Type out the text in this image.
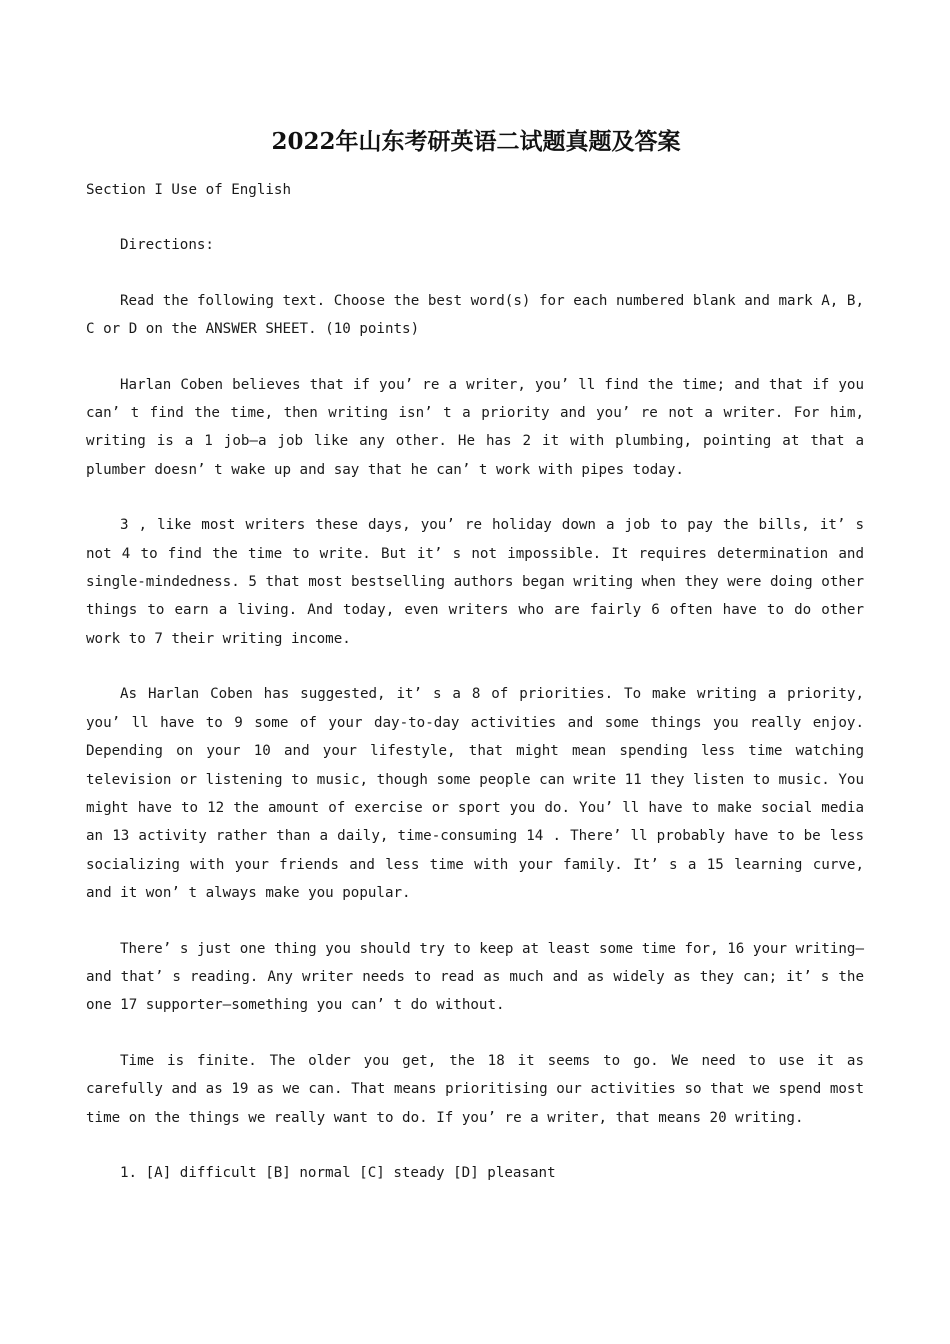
2022年山东考研英语二试题真题及答案

Section I Use of English

Directions:

Read the following text. Choose the best word(s) for each numbered blank and mark A, B, C or D on the ANSWER SHEET. (10 points)

Harlan Coben believes that if you’ re a writer, you’ ll find the time; and that if you can’ t find the time, then writing isn’ t a priority and you’ re not a writer. For him, writing is a 1 job–a job like any other. He has 2 it with plumbing, pointing at that a plumber doesn’ t wake up and say that he can’ t work with pipes today.

3 , like most writers these days, you’ re holiday down a job to pay the bills, it’ s not 4 to find the time to write. But it’ s not impossible. It requires determination and single-mindedness. 5 that most bestselling authors began writing when they were doing other things to earn a living. And today, even writers who are fairly 6 often have to do other work to 7 their writing income.

As Harlan Coben has suggested, it’ s a 8 of priorities. To make writing a priority, you’ ll have to 9 some of your day-to-day activities and some things you really enjoy. Depending on your 10 and your lifestyle, that might mean spending less time watching television or listening to music, though some people can write 11 they listen to music. You might have to 12 the amount of exercise or sport you do. You’ ll have to make social media an 13 activity rather than a daily, time-consuming 14 . There’ ll probably have to be less socializing with your friends and less time with your family. It’ s a 15 learning curve, and it won’ t always make you popular.

There’ s just one thing you should try to keep at least some time for, 16 your writing–and that’ s reading. Any writer needs to read as much and as widely as they can; it’ s the one 17 supporter–something you can’ t do without.

Time is finite. The older you get, the 18 it seems to go. We need to use it as carefully and as 19 as we can. That means prioritising our activities so that we spend most time on the things we really want to do. If you’ re a writer, that means 20 writing.

1. [A] difficult [B] normal [C] steady [D] pleasant
